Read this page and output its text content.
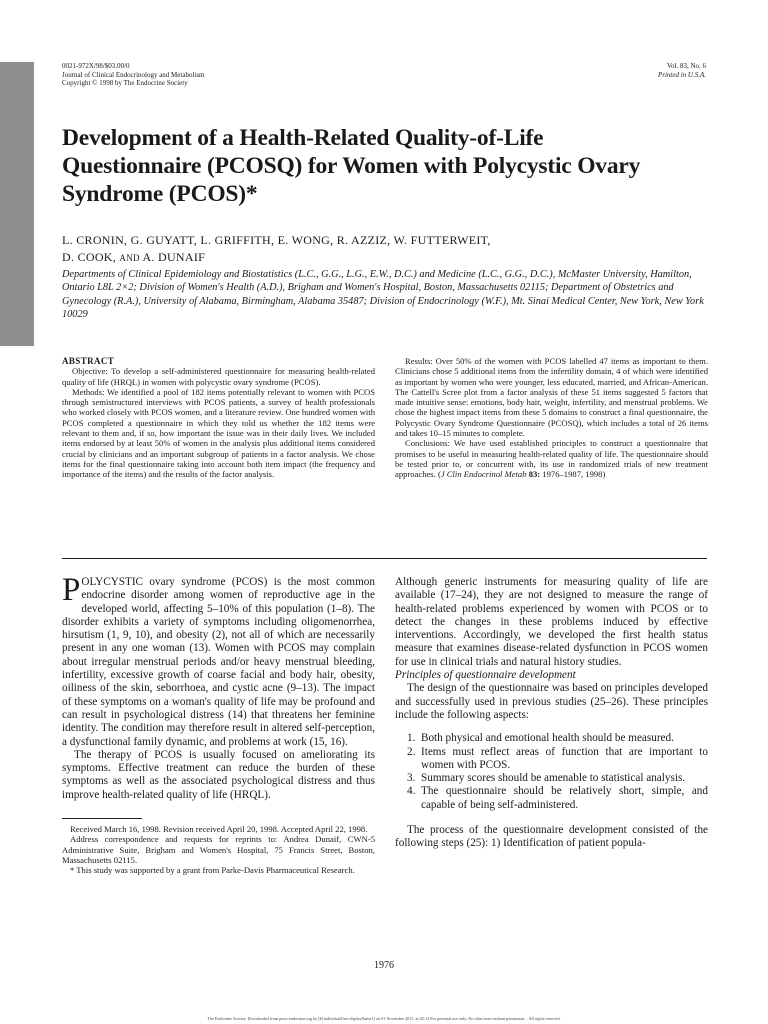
0021-972X/98/$03.00/0
Journal of Clinical Endocrinology and Metabolism
Copyright © 1998 by The Endocrine Society
Vol. 83, No. 6
Printed in U.S.A.
Development of a Health-Related Quality-of-Life Questionnaire (PCOSQ) for Women with Polycystic Ovary Syndrome (PCOS)*

L. CRONIN, G. GUYATT, L. GRIFFITH, E. WONG, R. AZZIZ, W. FUTTERWEIT,
D. COOK, AND A. DUNAIF

Departments of Clinical Epidemiology and Biostatistics (L.C., G.G., L.G., E.W., D.C.) and Medicine (L.C., G.G., D.C.), McMaster University, Hamilton, Ontario L8L 2×2; Division of Women's Health (A.D.), Brigham and Women's Hospital, Boston, Massachusetts 02115; Department of Obstetrics and Gynecology (R.A.), University of Alabama, Birmingham, Alabama 35487; Division of Endocrinology (W.F.), Mt. Sinai Medical Center, New York, New York 10029

ABSTRACT

Objective: To develop a self-administered questionnaire for measuring health-related quality of life (HRQL) in women with polycystic ovary syndrome (PCOS).

Methods: We identified a pool of 182 items potentially relevant to women with PCOS through semistructured interviews with PCOS patients, a survey of health professionals who worked closely with PCOS women, and a literature review. One hundred women with PCOS completed a questionnaire in which they told us whether the 182 items were relevant to them and, if so, how important the issue was in their daily lives. We included items endorsed by at least 50% of women in the analysis plus additional items considered crucial by clinicians and an important subgroup of patients in a factor analysis. We chose items for the final questionnaire taking into account both item impact (the frequency and importance of the items) and the results of the factor analysis.

Results: Over 50% of the women with PCOS labelled 47 items as important to them. Clinicians chose 5 additional items from the infertility domain, 4 of which were identified as important by women who were younger, less educated, married, and African-American. The Cattell's Scree plot from a factor analysis of these 51 items suggested 5 factors that made intuitive sense: emotions, body hair, weight, infertility, and menstrual problems. We chose the highest impact items from these 5 domains to construct a final questionnaire, the Polycystic Ovary Syndrome Questionnaire (PCOSQ), which includes a total of 26 items and takes 10–15 minutes to complete.

Conclusions: We have used established principles to construct a questionnaire that promises to be useful in measuring health-related quality of life. The questionnaire should be tested prior to, or concurrent with, its use in randomized trials of new treatment approaches. (J Clin Endocrinol Metab 83: 1976–1987, 1998)

POLYCYSTIC ovary syndrome (PCOS) is the most common endocrine disorder among women of reproductive age in the developed world, affecting 5–10% of this population (1–8). The disorder exhibits a variety of symptoms including oligomenorrhea, hirsutism (1, 9, 10), and obesity (2), not all of which are necessarily present in any one woman (13). Women with PCOS may complain about irregular menstrual periods and/or heavy menstrual bleeding, infertility, excessive growth of coarse facial and body hair, obesity, oiliness of the skin, seborrhoea, and cystic acne (9–13). The impact of these symptoms on a woman's quality of life may be profound and can result in psychological distress (14) that threatens her feminine identity. The condition may therefore result in altered self-perception, a dysfunctional family dynamic, and problems at work (15, 16).

The therapy of PCOS is usually focused on ameliorating its symptoms. Effective treatment can reduce the burden of these symptoms as well as the associated psychological distress and thus improve health-related quality of life (HRQL).

Received March 16, 1998. Revision received April 20, 1998. Accepted April 22, 1998.

Address correspondence and requests for reprints to: Andrea Dunaif, CWN-5 Administrative Suite, Brigham and Women's Hospital, 75 Francis Street, Boston, Massachusetts 02115.

* This study was supported by a grant from Parke-Davis Pharmaceutical Research.

Although generic instruments for measuring quality of life are available (17–24), they are not designed to measure the range of health-related problems experienced by women with PCOS or to detect the changes in these problems induced by effective interventions. Accordingly, we developed the first health status measure that examines disease-related dysfunction in PCOS women for use in clinical trials and natural history studies.

Principles of questionnaire development

The design of the questionnaire was based on principles developed and successfully used in previous studies (25–26). These principles include the following aspects:

1. Both physical and emotional health should be measured.
2. Items must reflect areas of function that are important to women with PCOS.
3. Summary scores should be amenable to statistical analysis.
4. The questionnaire should be relatively short, simple, and capable of being self-administered.

The process of the questionnaire development consisted of the following steps (25): 1) Identification of patient popula-

1976
The Endocrine Society. Downloaded from press.endocrine.org by [${individualUser.displayName}] on 01 November 2015. at 02:14 For personal use only. No other uses without permission. . All rights reserved.
